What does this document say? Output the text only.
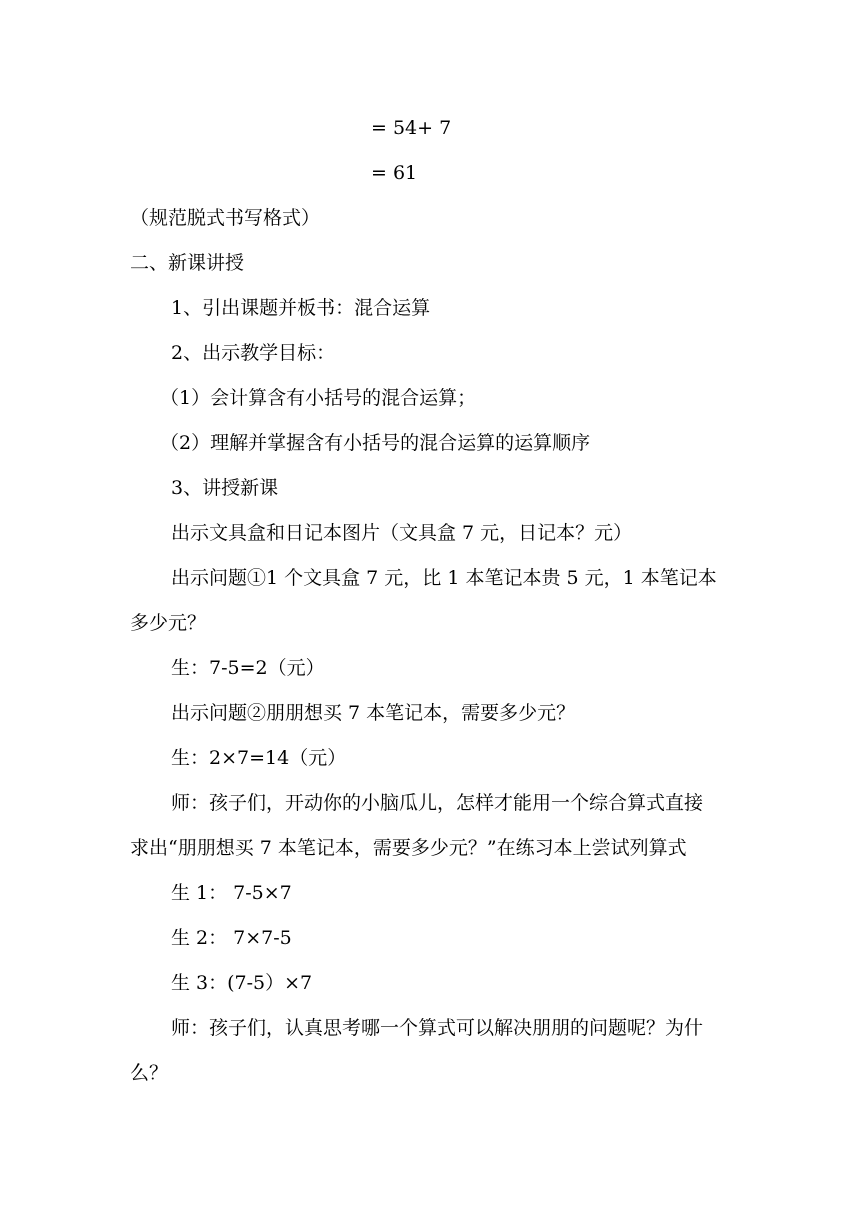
= 54+ 7
= 61
（规范脱式书写格式）
二、新课讲授
1、引出课题并板书：混合运算
2、出示教学目标：
（1）会计算含有小括号的混合运算；
（2）理解并掌握含有小括号的混合运算的运算顺序
3、讲授新课
出示文具盒和日记本图片（文具盒 7 元，日记本？元）
出示问题①1 个文具盒 7 元，比 1 本笔记本贵 5 元，1 本笔记本
多少元？
生：7-5=2（元）
出示问题②朋朋想买 7 本笔记本，需要多少元？
生：2×7=14（元）
师：孩子们，开动你的小脑瓜儿，怎样才能用一个综合算式直接
求出“朋朋想买 7 本笔记本，需要多少元？”在练习本上尝试列算式
生 1： 7-5×7
生 2： 7×7-5
生 3：(7-5）×7
师：孩子们，认真思考哪一个算式可以解决朋朋的问题呢？为什
么？
